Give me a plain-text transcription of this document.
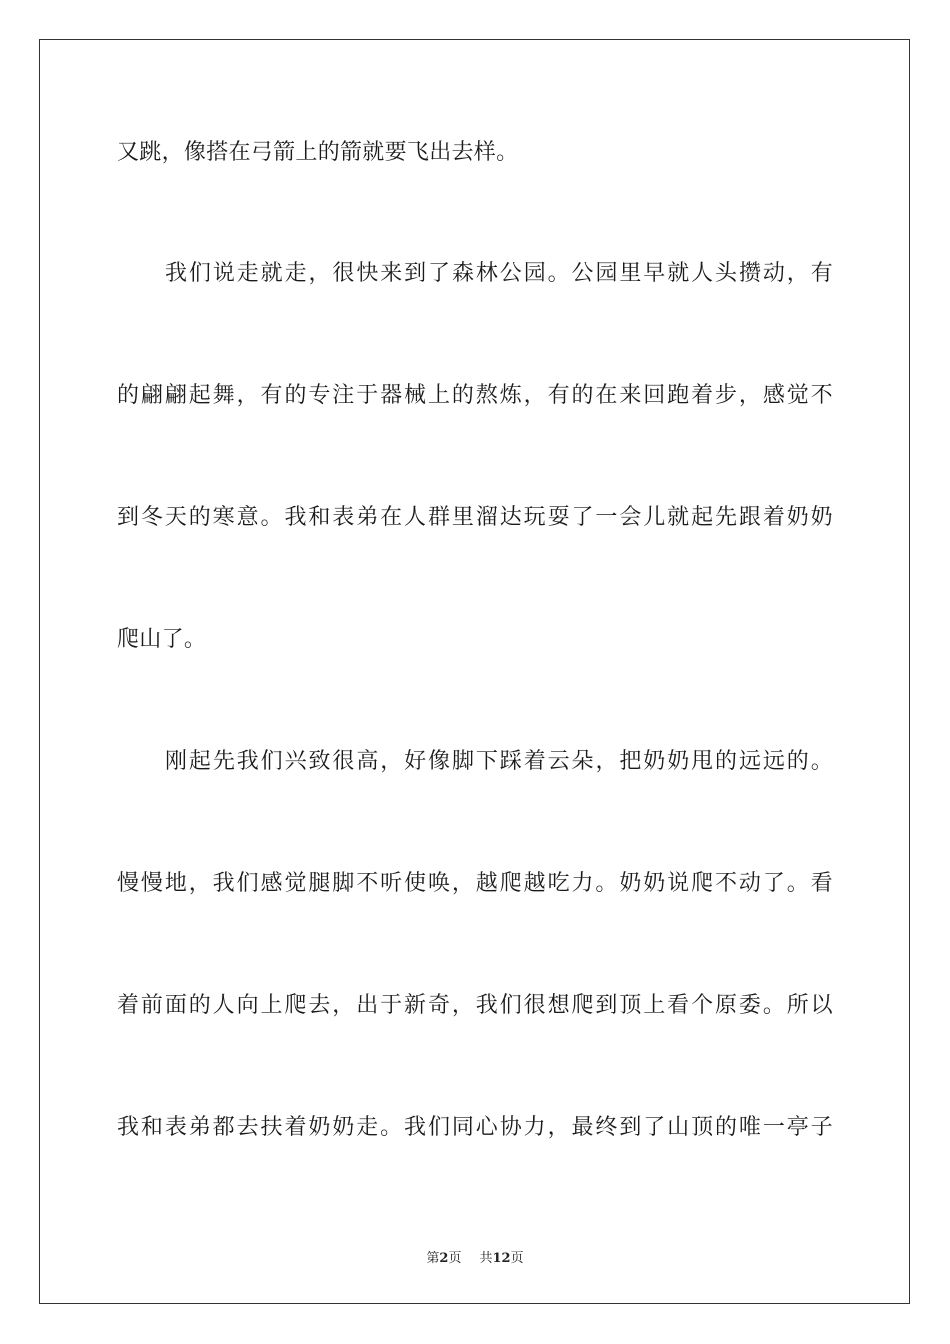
又跳，像搭在弓箭上的箭就要飞出去样。
我们说走就走，很快来到了森林公园。公园里早就人头攒动，有
的翩翩起舞，有的专注于器械上的熬炼，有的在来回跑着步，感觉不
到冬天的寒意。我和表弟在人群里溜达玩耍了一会儿就起先跟着奶奶
爬山了。
刚起先我们兴致很高，好像脚下踩着云朵，把奶奶甩的远远的。
慢慢地，我们感觉腿脚不听使唤，越爬越吃力。奶奶说爬不动了。看
着前面的人向上爬去，出于新奇，我们很想爬到顶上看个原委。所以
我和表弟都去扶着奶奶走。我们同心协力，最终到了山顶的唯一亭子
第2页 共12页
